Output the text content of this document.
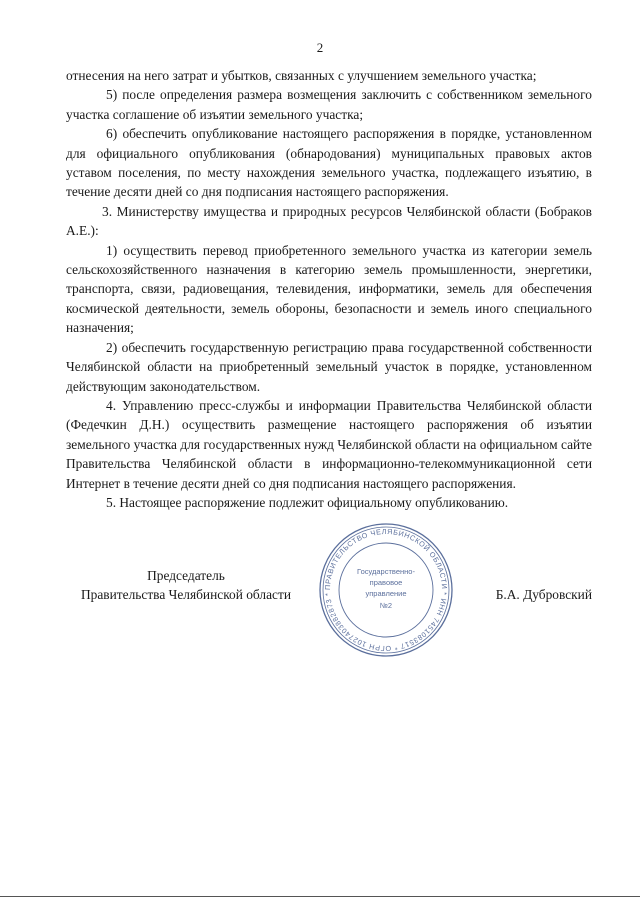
2

отнесения на него затрат и убытков, связанных с улучшением земельного участка;

5) после определения размера возмещения заключить с собственником земельного участка соглашение об изъятии земельного участка;

6) обеспечить опубликование настоящего распоряжения в порядке, установленном для официального опубликования (обнародования) муниципальных правовых актов уставом поселения, по месту нахождения земельного участка, подлежащего изъятию, в течение десяти дней со дня подписания настоящего распоряжения.

3. Министерству имущества и природных ресурсов Челябинской области (Бобраков А.Е.):

1) осуществить перевод приобретенного земельного участка из категории земель сельскохозяйственного назначения в категорию земель промышленности, энергетики, транспорта, связи, радиовещания, телевидения, информатики, земель для обеспечения космической деятельности, земель обороны, безопасности и земель иного специального назначения;

2) обеспечить государственную регистрацию права государственной собственности Челябинской области на приобретенный земельный участок в порядке, установленном действующим законодательством.

4. Управлению пресс-службы и информации Правительства Челябинской области (Федечкин Д.Н.) осуществить размещение настоящего распоряжения об изъятии земельного участка для государственных нужд Челябинской области на официальном сайте Правительства Челябинской области в информационно-телекоммуникационной сети Интернет в течение десяти дней со дня подписания настоящего распоряжения.

5. Настоящее распоряжение подлежит официальному опубликованию.

Председатель
Правительства Челябинской области	Б.А. Дубровский
ПРАВИТЕЛЬСТВО ЧЕЛЯБИНСКОЙ ОБЛАСТИ * ИНН 7451083517 * ОГРН 1027403882873 *
Государственно-
правовое
управление
№2
